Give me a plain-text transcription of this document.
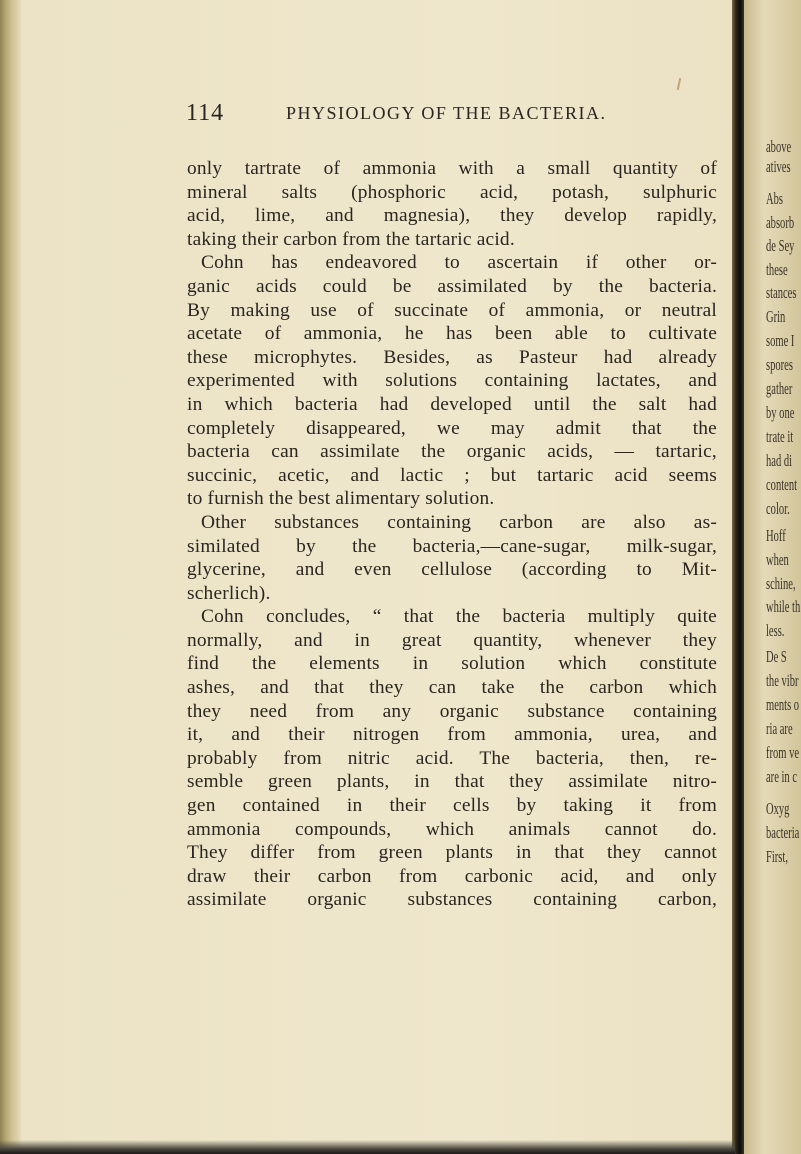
114	PHYSIOLOGY OF THE BACTERIA.
only tartrate of ammonia with a small quantity of
mineral salts (phosphoric acid, potash, sulphuric
acid, lime, and magnesia), they develop rapidly,
taking their carbon from the tartaric acid.
Cohn has endeavored to ascertain if other or-
ganic acids could be assimilated by the bacteria.
By making use of succinate of ammonia, or neutral
acetate of ammonia, he has been able to cultivate
these microphytes. Besides, as Pasteur had already
experimented with solutions containing lactates, and
in which bacteria had developed until the salt had
completely disappeared, we may admit that the
bacteria can assimilate the organic acids, — tartaric,
succinic, acetic, and lactic ; but tartaric acid seems
to furnish the best alimentary solution.
Other substances containing carbon are also as-
similated by the bacteria,—cane-sugar, milk-sugar,
glycerine, and even cellulose (according to Mit-
scherlich).
Cohn concludes, “ that the bacteria multiply quite
normally, and in great quantity, whenever they
find the elements in solution which constitute
ashes, and that they can take the carbon which
they need from any organic substance containing
it, and their nitrogen from ammonia, urea, and
probably from nitric acid. The bacteria, then, re-
semble green plants, in that they assimilate nitro-
gen contained in their cells by taking it from
ammonia compounds, which animals cannot do.
They differ from green plants in that they cannot
draw their carbon from carbonic acid, and only
assimilate organic substances containing carbon,
above
atives
Abs
absorb
de Sey
these
stances
Grin
some I
spores
gather
by one
trate it
had di
content
color.
Hoff
when
schine,
while th
less.
De S
the vibr
ments o
ria are
from ve
are in c
Oxyg
bacteria
First,
